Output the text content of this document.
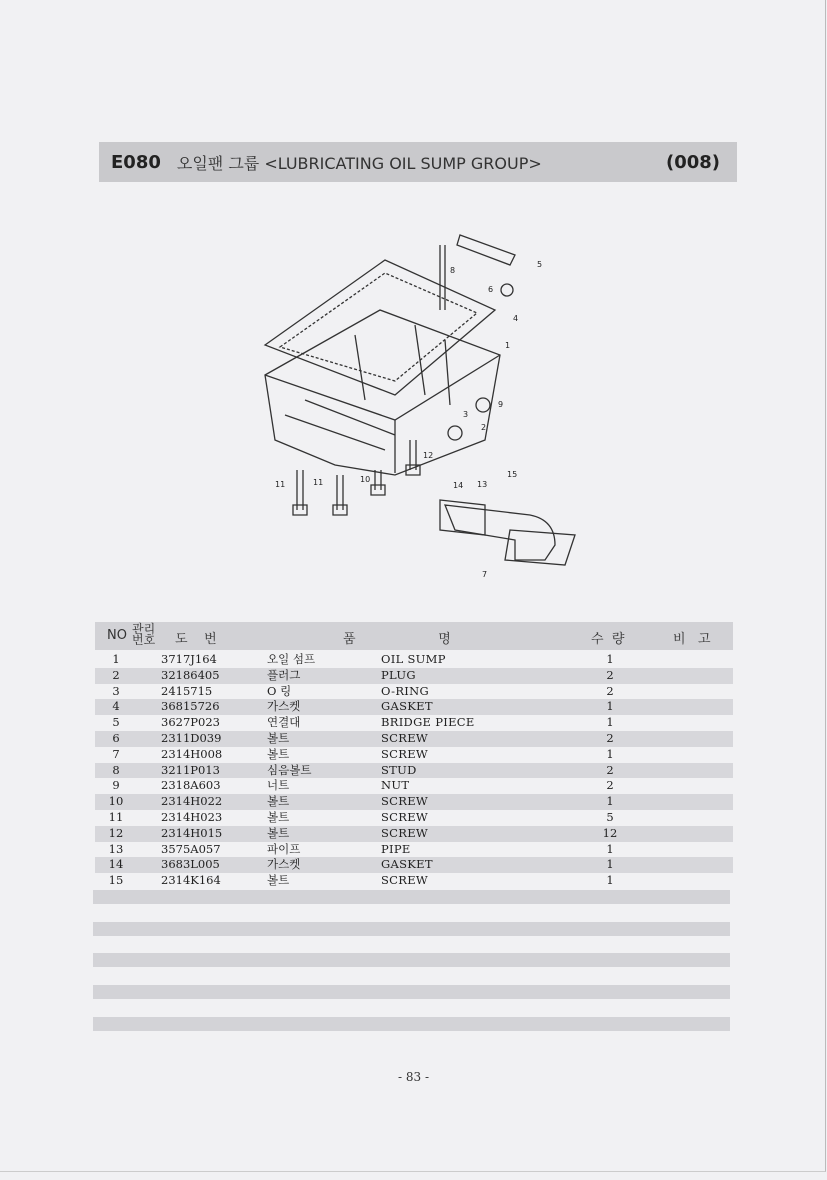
E080 오일팬 그룹 <LUBRICATING OIL SUMP GROUP>	(008)
1
2
3
4
5
6
7
8
9
10
11	11
12
13
14
15
NO 관리
번호 도    번	품                    명	수  량	비   고
1	3717J164	오일 섬프	OIL SUMP	1
2	32186405	플러그	PLUG	2
3	2415715	O 링	O-RING	2
4	36815726	가스켓	GASKET	1
5	3627P023	연결대	BRIDGE PIECE	1
6	2311D039	볼트	SCREW	2
7	2314H008	볼트	SCREW	1
8	3211P013	심음볼트	STUD	2
9	2318A603	너트	NUT	2
10	2314H022	볼트	SCREW	1
11	2314H023	볼트	SCREW	5
12	2314H015	볼트	SCREW	12
13	3575A057	파이프	PIPE	1
14	3683L005	가스켓	GASKET	1
15	2314K164	볼트	SCREW	1
- 83 -
